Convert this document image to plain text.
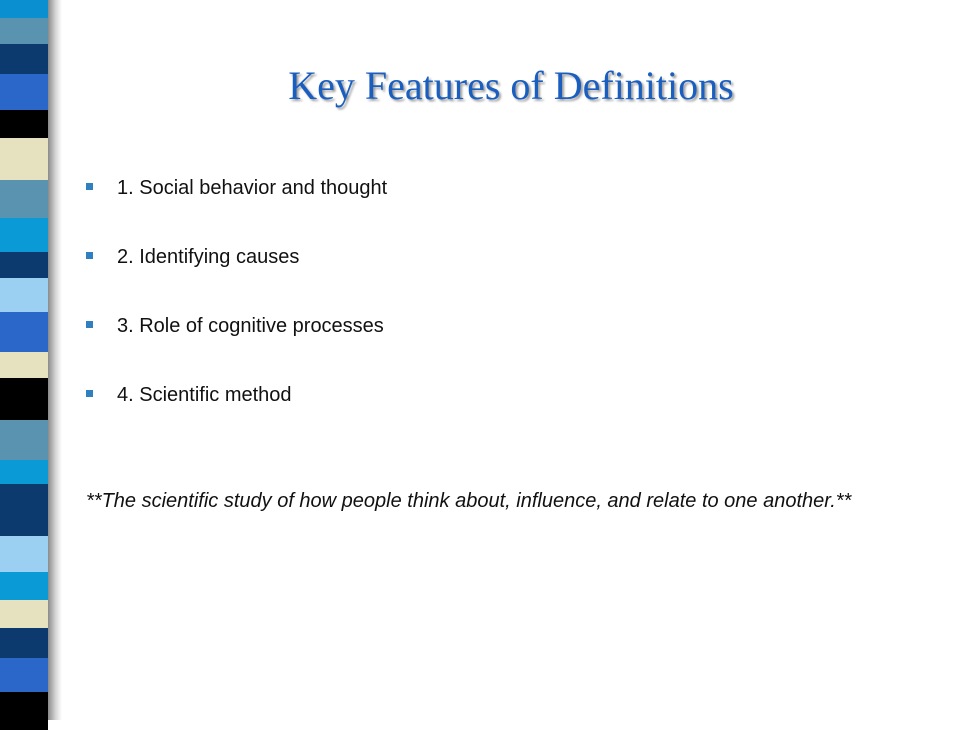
Key Features of Definitions
1. Social behavior and thought
2. Identifying causes
3. Role of cognitive processes
4. Scientific method
**The scientific study of how people think about, influence, and relate to one another.**
